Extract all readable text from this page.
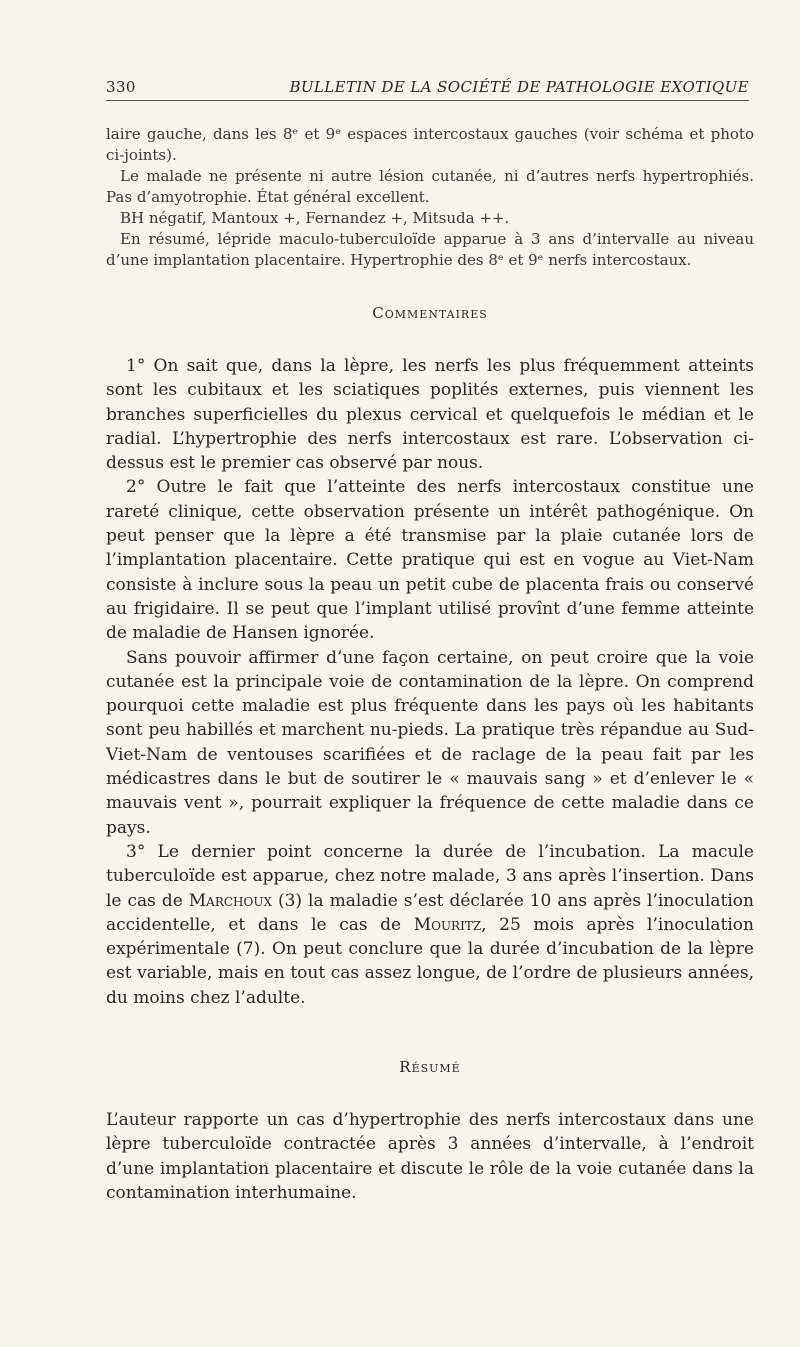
330	BULLETIN DE LA SOCIÉTÉ DE PATHOLOGIE EXOTIQUE

laire gauche, dans les 8ᵉ et 9ᵉ espaces intercostaux gauches (voir schéma et photo ci-joints).

Le malade ne présente ni autre lésion cutanée, ni d’autres nerfs hypertrophiés. Pas d’amyotrophie. État général excellent.

BH négatif, Mantoux +, Fernandez +, Mitsuda ++.

En résumé, lépride maculo-tuberculoïde apparue à 3 ans d’intervalle au niveau d’une implantation placentaire. Hypertrophie des 8ᵉ et 9ᵉ nerfs intercostaux.

Commentaires

1° On sait que, dans la lèpre, les nerfs les plus fréquemment atteints sont les cubitaux et les sciatiques poplités externes, puis viennent les branches superficielles du plexus cervical et quelquefois le médian et le radial. L’hypertrophie des nerfs intercostaux est rare. L’observation ci-dessus est le premier cas observé par nous.

2° Outre le fait que l’atteinte des nerfs intercostaux constitue une rareté clinique, cette observation présente un intérêt pathogénique. On peut penser que la lèpre a été transmise par la plaie cutanée lors de l’implantation placentaire. Cette pratique qui est en vogue au Viet-Nam consiste à inclure sous la peau un petit cube de placenta frais ou conservé au frigidaire. Il se peut que l’implant utilisé provînt d’une femme atteinte de maladie de Hansen ignorée.

Sans pouvoir affirmer d’une façon certaine, on peut croire que la voie cutanée est la principale voie de contamination de la lèpre. On comprend pourquoi cette maladie est plus fréquente dans les pays où les habitants sont peu habillés et marchent nu-pieds. La pratique très répandue au Sud-Viet-Nam de ventouses scarifiées et de raclage de la peau fait par les médicastres dans le but de soutirer le « mauvais sang » et d’enlever le « mauvais vent », pourrait expliquer la fréquence de cette maladie dans ce pays.

3° Le dernier point concerne la durée de l’incubation. La macule tuberculoïde est apparue, chez notre malade, 3 ans après l’insertion. Dans le cas de Marchoux (3) la maladie s’est déclarée 10 ans après l’inoculation accidentelle, et dans le cas de Mouritz, 25 mois après l’inoculation expérimentale (7). On peut conclure que la durée d’incubation de la lèpre est variable, mais en tout cas assez longue, de l’ordre de plusieurs années, du moins chez l’adulte.

Résumé

L’auteur rapporte un cas d’hypertrophie des nerfs intercostaux dans une lèpre tuberculoïde contractée après 3 années d’intervalle, à l’endroit d’une implantation placentaire et discute le rôle de la voie cutanée dans la contamination interhumaine.
